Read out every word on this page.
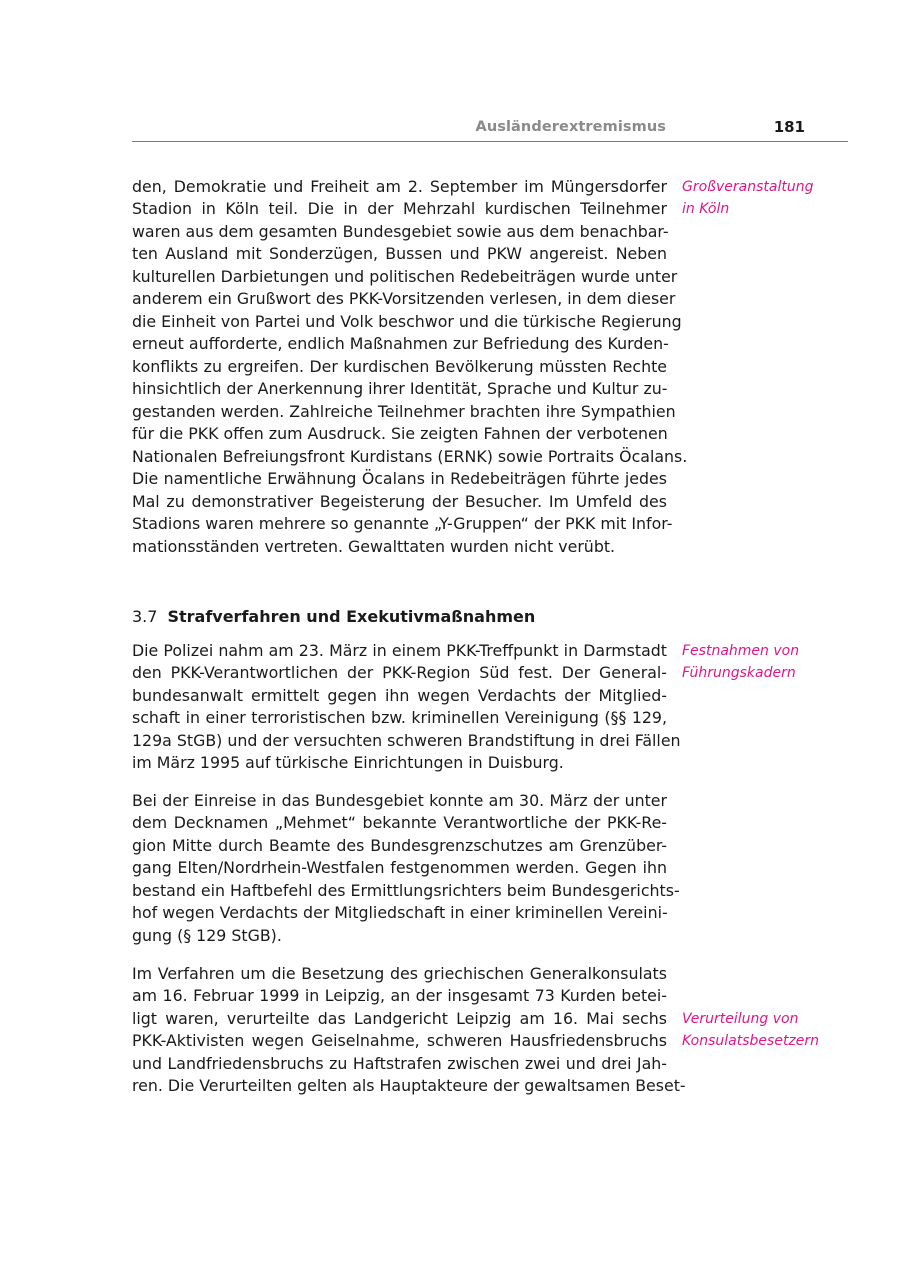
Ausländerextremismus	181
den, Demokratie und Freiheit am 2. September im Müngersdorfer
Stadion in Köln teil. Die in der Mehrzahl kurdischen Teilnehmer
waren aus dem gesamten Bundesgebiet sowie aus dem benachbar-
ten Ausland mit Sonderzügen, Bussen und PKW angereist. Neben
kulturellen Darbietungen und politischen Redebeiträgen wurde unter
anderem ein Grußwort des PKK-Vorsitzenden verlesen, in dem dieser
die Einheit von Partei und Volk beschwor und die türkische Regierung
erneut aufforderte, endlich Maßnahmen zur Befriedung des Kurden-
konflikts zu ergreifen. Der kurdischen Bevölkerung müssten Rechte
hinsichtlich der Anerkennung ihrer Identität, Sprache und Kultur zu-
gestanden werden. Zahlreiche Teilnehmer brachten ihre Sympathien
für die PKK offen zum Ausdruck. Sie zeigten Fahnen der verbotenen
Nationalen Befreiungsfront Kurdistans (ERNK) sowie Portraits Öcalans.
Die namentliche Erwähnung Öcalans in Redebeiträgen führte jedes
Mal zu demonstrativer Begeisterung der Besucher. Im Umfeld des
Stadions waren mehrere so genannte „Y-Gruppen“ der PKK mit Infor-
mationsständen vertreten. Gewalttaten wurden nicht verübt.
Großveranstaltung
in Köln
3.7 Strafverfahren und Exekutivmaßnahmen
Die Polizei nahm am 23. März in einem PKK-Treffpunkt in Darmstadt
den PKK-Verantwortlichen der PKK-Region Süd fest. Der General-
bundesanwalt ermittelt gegen ihn wegen Verdachts der Mitglied-
schaft in einer terroristischen bzw. kriminellen Vereinigung (§§ 129,
129a StGB) und der versuchten schweren Brandstiftung in drei Fällen
im März 1995 auf türkische Einrichtungen in Duisburg.
Festnahmen von
Führungskadern
Bei der Einreise in das Bundesgebiet konnte am 30. März der unter
dem Decknamen „Mehmet“ bekannte Verantwortliche der PKK-Re-
gion Mitte durch Beamte des Bundesgrenzschutzes am Grenzüber-
gang Elten/Nordrhein-Westfalen festgenommen werden. Gegen ihn
bestand ein Haftbefehl des Ermittlungsrichters beim Bundesgerichts-
hof wegen Verdachts der Mitgliedschaft in einer kriminellen Vereini-
gung (§ 129 StGB).
Im Verfahren um die Besetzung des griechischen Generalkonsulats
am 16. Februar 1999 in Leipzig, an der insgesamt 73 Kurden betei-
ligt waren, verurteilte das Landgericht Leipzig am 16. Mai sechs
PKK-Aktivisten wegen Geiselnahme, schweren Hausfriedensbruchs
und Landfriedensbruchs zu Haftstrafen zwischen zwei und drei Jah-
ren. Die Verurteilten gelten als Hauptakteure der gewaltsamen Beset-
Verurteilung von
Konsulatsbesetzern
